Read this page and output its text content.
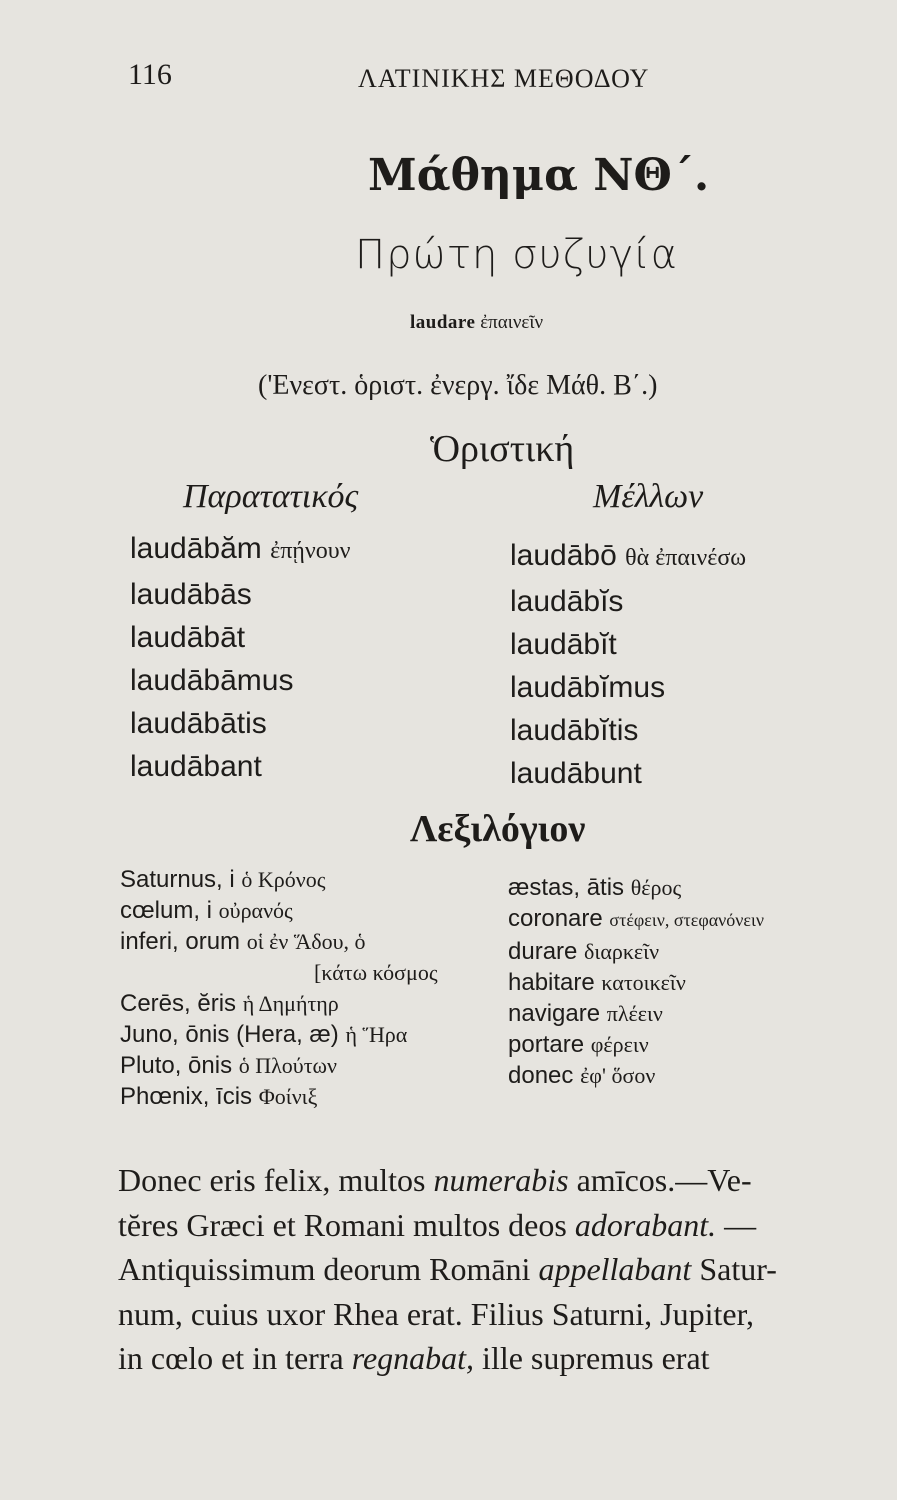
116	ΛΑΤΙΝΙΚΗΣ ΜΕΘΟΔΟΥ
Μάθημα ΝΘ΄.
Πρώτη συζυγία
laudare ἐπαινεῖν
('Ενεστ. ὁριστ. ἐνεργ. ἴδε Μάθ. Β΄.)
Ὁριστική
Παρατατικός
laudābăm ἐπῄνουν
laudābās
laudābāt
laudābāmus
laudābātis
laudābant
Μέλλων
laudābō θὰ ἐπαινέσω
laudābĭs
laudābĭt
laudābĭmus
laudābĭtis
laudābunt
Λεξιλόγιον
Saturnus, i ὁ Κρόνος
cœlum, i οὐρανός
inferi, orum οἱ ἐν Ἅδου, ὁ
[κάτω κόσμος
Cerēs, ĕris ἡ Δημήτηρ
Juno, ōnis (Hera, æ) ἡ Ἥρα
Pluto, ōnis ὁ Πλούτων
Phœnix, īcis Φοίνιξ
æstas, ātis θέρος
coronare στέφειν, στεφανόνειν
durare διαρκεῖν
habitare κατοικεῖν
navigare πλέειν
portare φέρειν
donec ἐφ' ὅσον
Donec eris felix, multos numerabis amīcos.—Ve-
tĕres Græci et Romani multos deos adorabant. —
Antiquissimum deorum Romāni appellabant Satur-
num, cuius uxor Rhea erat. Filius Saturni, Jupiter,
in cœlo et in terra regnabat, ille supremus erat
